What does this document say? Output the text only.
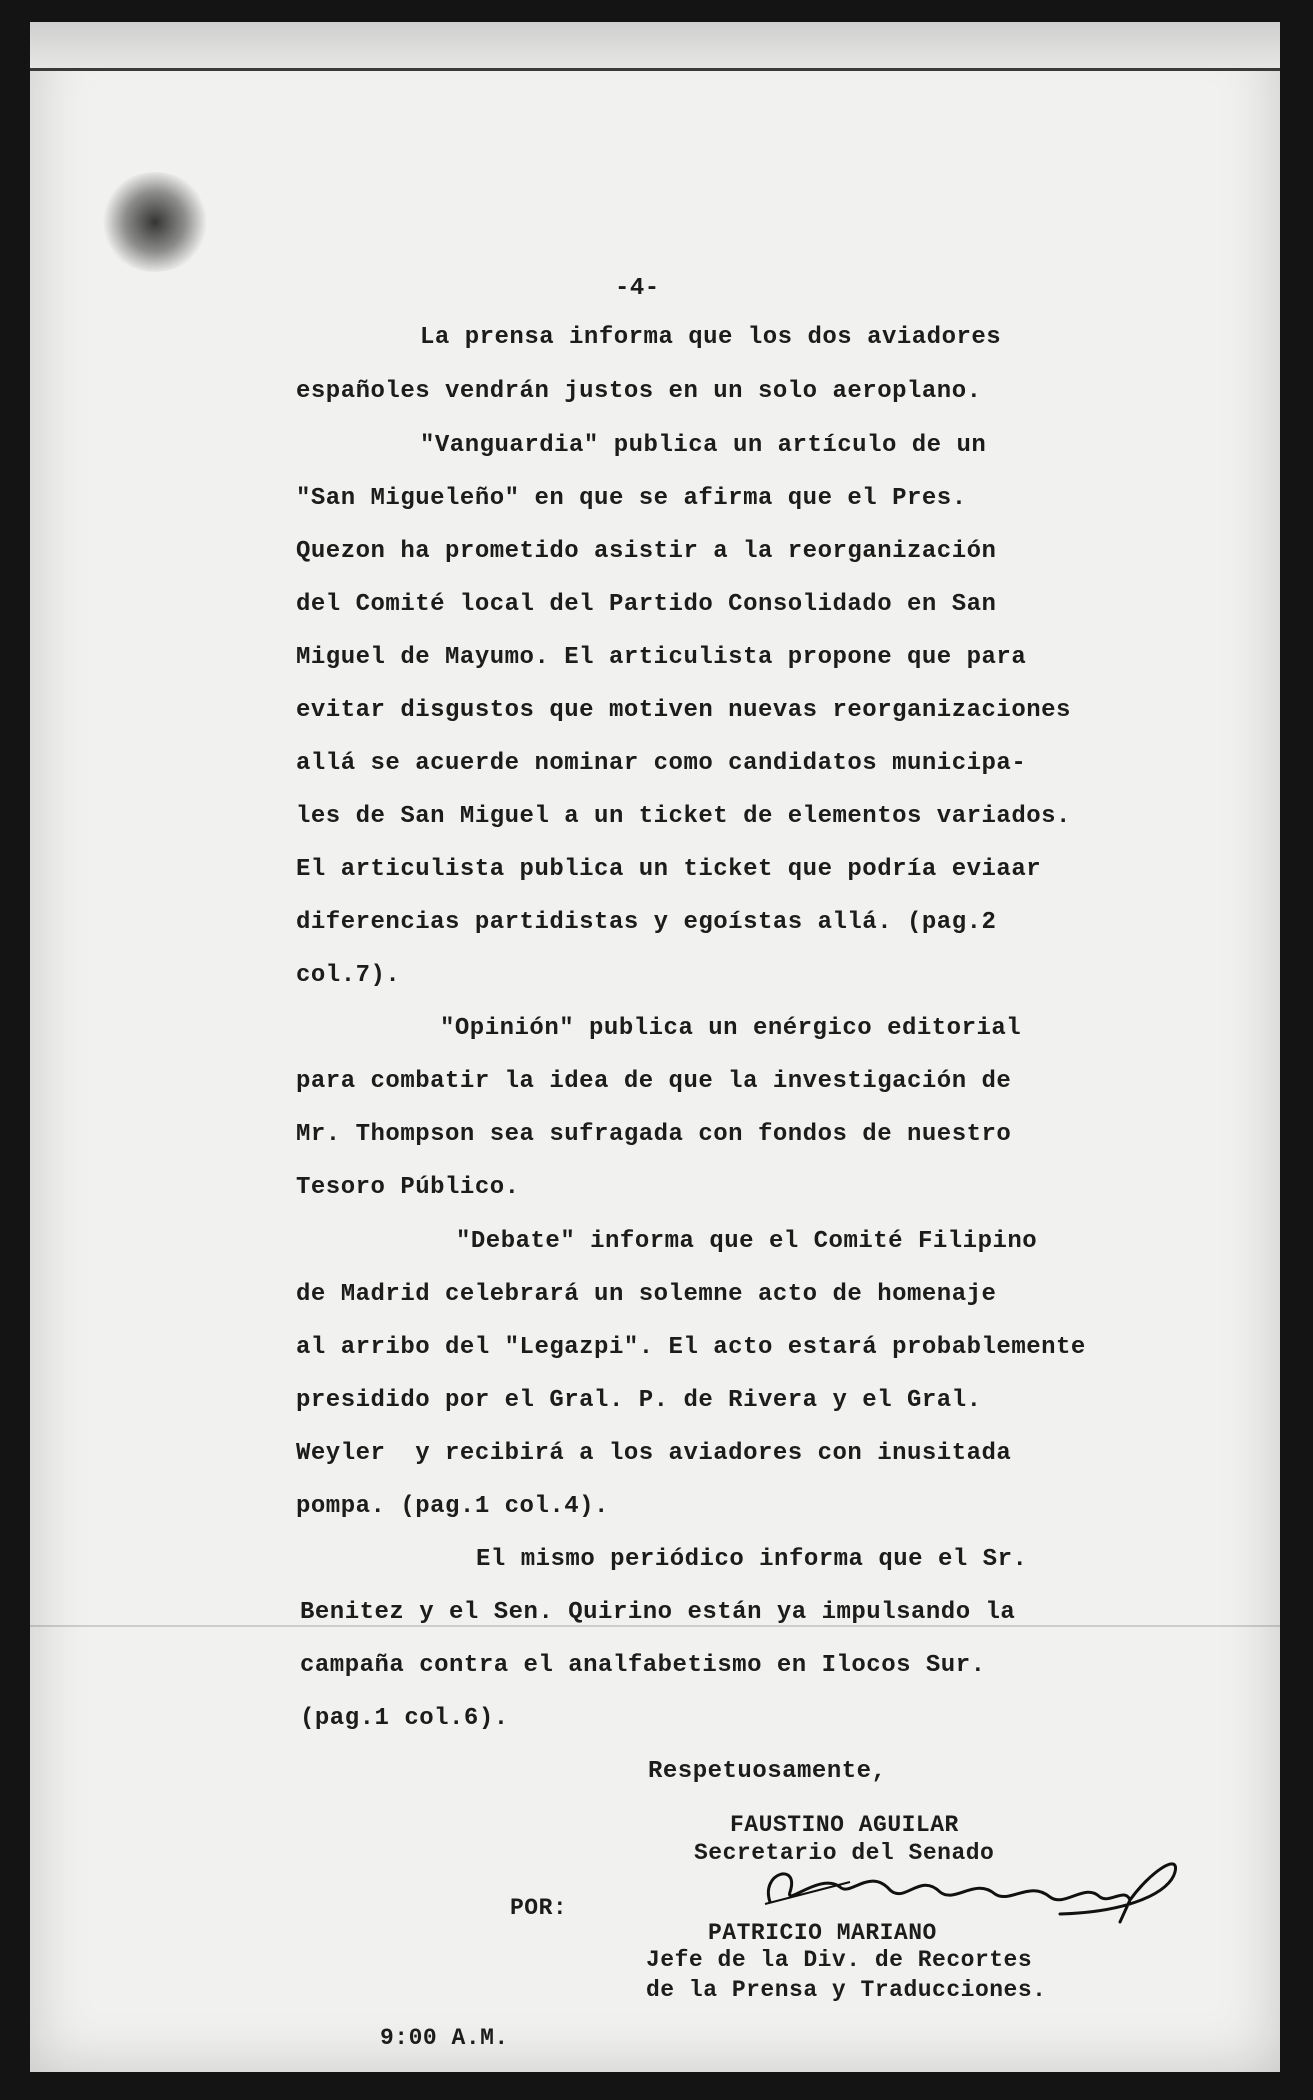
-4-
La prensa informa que los dos aviadores
españoles vendrán justos en un solo aeroplano.
"Vanguardia" publica un artículo de un
"San Migueleño" en que se afirma que el Pres.
Quezon ha prometido asistir a la reorganización
del Comité local del Partido Consolidado en San
Miguel de Mayumo. El articulista propone que para
evitar disgustos que motiven nuevas reorganizaciones
allá se acuerde nominar como candidatos municipa-
les de San Miguel a un ticket de elementos variados.
El articulista publica un ticket que podría eviaar
diferencias partidistas y egoístas allá. (pag.2
col.7).
"Opinión" publica un enérgico editorial
para combatir la idea de que la investigación de
Mr. Thompson sea sufragada con fondos de nuestro
Tesoro Público.
"Debate" informa que el Comité Filipino
de Madrid celebrará un solemne acto de homenaje
al arribo del "Legazpi". El acto estará probablemente
presidido por el Gral. P. de Rivera y el Gral.
Weyler  y recibirá a los aviadores con inusitada
pompa. (pag.1 col.4).
El mismo periódico informa que el Sr.
Benitez y el Sen. Quirino están ya impulsando la
campaña contra el analfabetismo en Ilocos Sur.
(pag.1 col.6).
Respetuosamente,
FAUSTINO AGUILAR
Secretario del Senado
POR:
PATRICIO MARIANO
Jefe de la Div. de Recortes
de la Prensa y Traducciones.
9:00 A.M.
